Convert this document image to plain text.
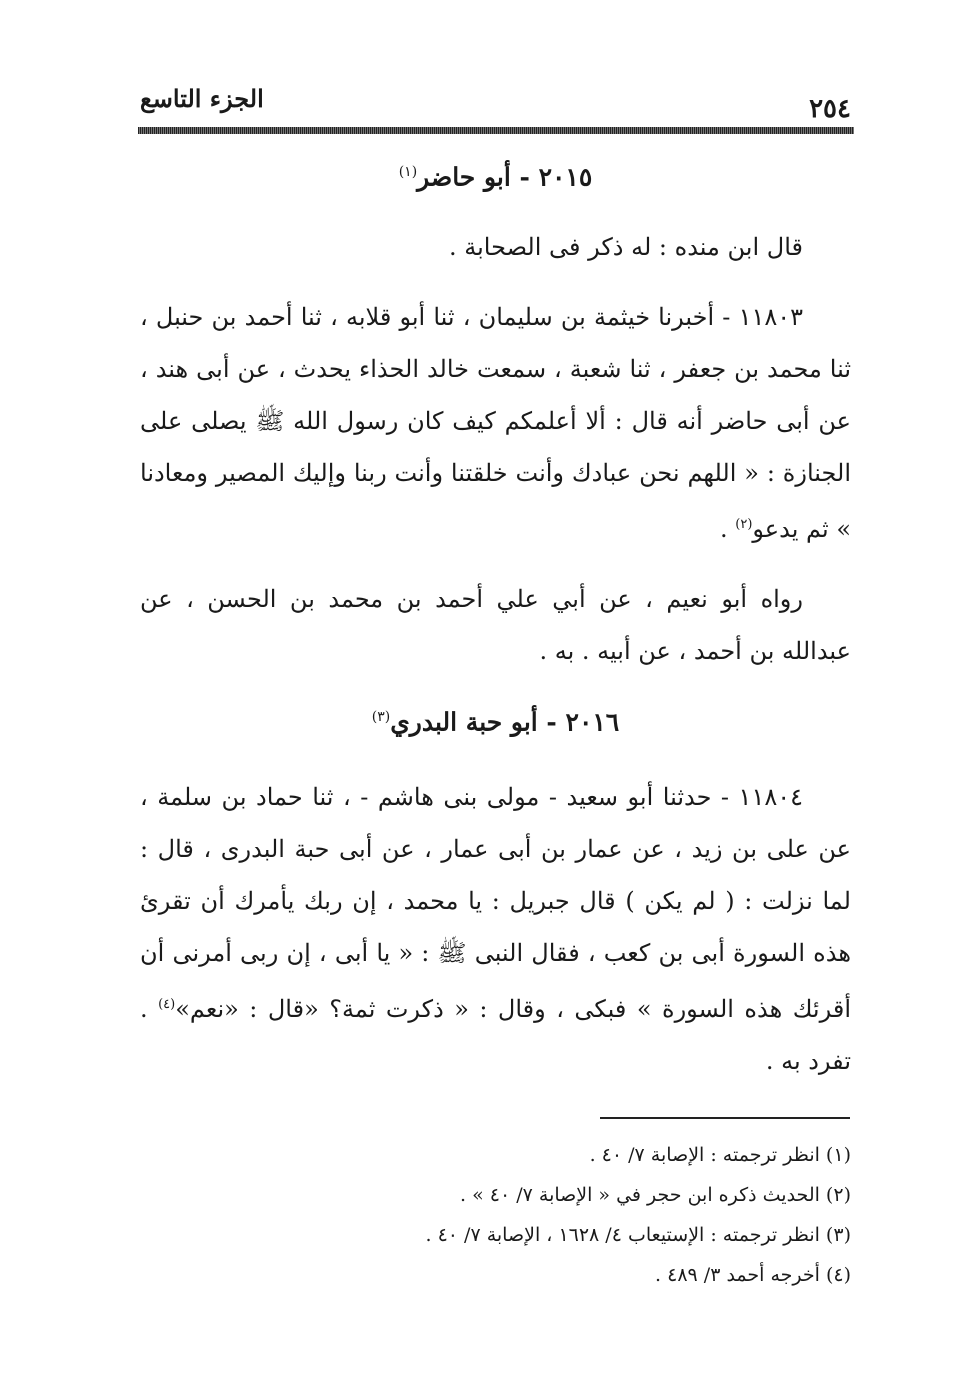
الجزء التاسع	٢٥٤
٢٠١٥ - أبو حاضر$^{(١)}$

قال ابن منده : له ذكر فى الصحابة .

١١٨٠٣ - أخبرنا خيثمة بن سليمان ، ثنا أبو قلابه ، ثنا أحمد بن حنبل ، ثنا محمد بن جعفر ، ثنا شعبة ، سمعت خالد الحذاء يحدث ، عن أبى هند ، عن أبى حاضر أنه قال : ألا أعلمكم كيف كان رسول الله ﷺ يصلى على الجنازة : « اللهم نحن عبادك وأنت خلقتنا وأنت ربنا وإليك المصير ومعادنا » ثم يدعو$^{(٢)}$ .

رواه أبو نعيم ، عن أبي علي أحمد بن محمد بن الحسن ، عن عبدالله بن أحمد ، عن أبيه . به .

٢٠١٦ - أبو حبة البدري$^{(٣)}$

١١٨٠٤ - حدثنا أبو سعيد - مولى بنى هاشم - ، ثنا حماد بن سلمة ، عن على بن زيد ، عن عمار بن أبى عمار ، عن أبى حبة البدرى ، قال : لما نزلت : ( لم يكن ) قال جبريل : يا محمد ، إن ربك يأمرك أن تقرئ هذه السورة أبى بن كعب ، فقال النبى ﷺ : « يا أبى ، إن ربى أمرنى أن أقرئك هذه السورة » فبكى ، وقال : « ذكرت ثمة؟ «قال : «نعم»$^{(٤)}$ . تفرد به .

(١) انظر ترجمته : الإصابة ٧/ ٤٠ .

(٢) الحديث ذكره ابن حجر في « الإصابة ٧/ ٤٠ » .

(٣) انظر ترجمته : الإستيعاب ٤/ ١٦٢٨ ، الإصابة ٧/ ٤٠ .

(٤) أخرجه أحمد ٣/ ٤٨٩ .
